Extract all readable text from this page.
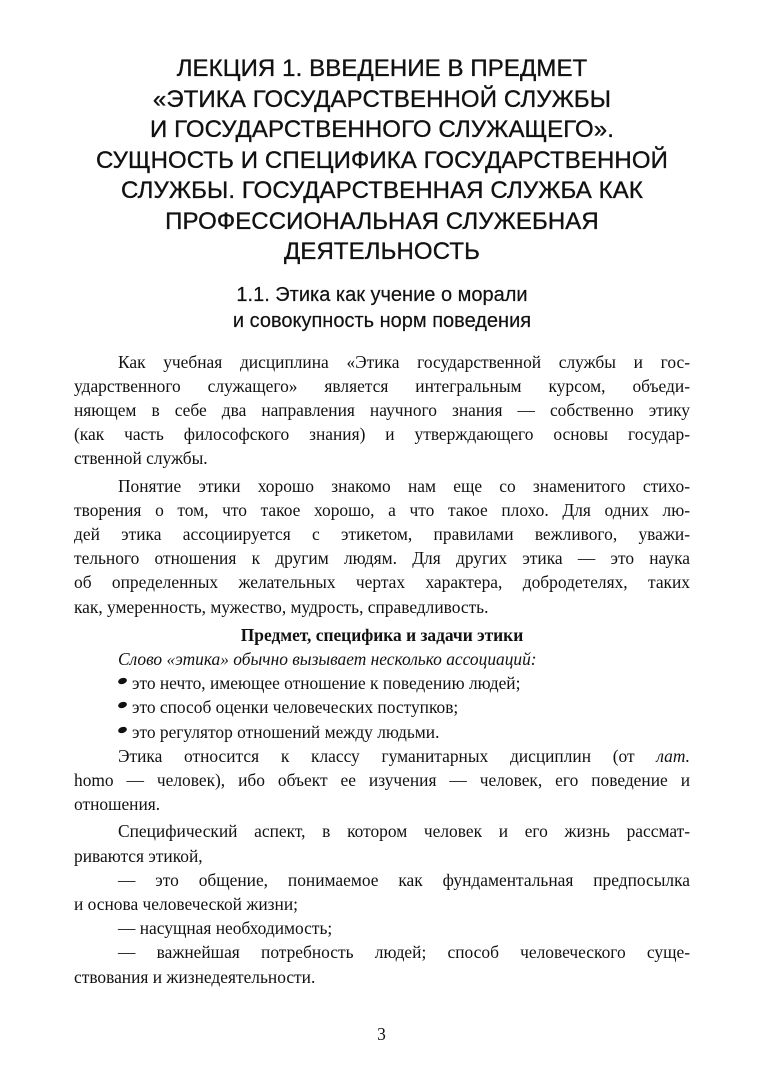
ЛЕКЦИЯ 1. ВВЕДЕНИЕ В ПРЕДМЕТ
«ЭТИКА ГОСУДАРСТВЕННОЙ СЛУЖБЫ
И ГОСУДАРСТВЕННОГО СЛУЖАЩЕГО».
СУЩНОСТЬ И СПЕЦИФИКА ГОСУДАРСТВЕННОЙ
СЛУЖБЫ. ГОСУДАРСТВЕННАЯ СЛУЖБА КАК
ПРОФЕССИОНАЛЬНАЯ СЛУЖЕБНАЯ
ДЕЯТЕЛЬНОСТЬ
1.1. Этика как учение о морали
и совокупность норм поведения
Как учебная дисциплина «Этика государственной службы и гос-
ударственного служащего» является интегральным курсом, объеди-
няющем в себе два направления научного знания — собственно этику
(как часть философского знания) и утверждающего основы государ-
ственной службы.
Понятие этики хорошо знакомо нам еще со знаменитого стихо-
творения о том, что такое хорошо, а что такое плохо. Для одних лю-
дей этика ассоциируется с этикетом, правилами вежливого, уважи-
тельного отношения к другим людям. Для других этика — это наука
об определенных желательных чертах характера, добродетелях, таких
как, умеренность, мужество, мудрость, справедливость.
Предмет, специфика и задачи этики
Слово «этика» обычно вызывает несколько ассоциаций:
это нечто, имеющее отношение к поведению людей;
это способ оценки человеческих поступков;
это регулятор отношений между людьми.
Этика относится к классу гуманитарных дисциплин (от лат.
homo — человек), ибо объект ее изучения — человек, его поведение и
отношения.
Специфический аспект, в котором человек и его жизнь рассмат-
риваются этикой,
— это общение, понимаемое как фундаментальная предпосылка
и основа человеческой жизни;
— насущная необходимость;
— важнейшая потребность людей; способ человеческого суще-
ствования и жизнедеятельности.
3
